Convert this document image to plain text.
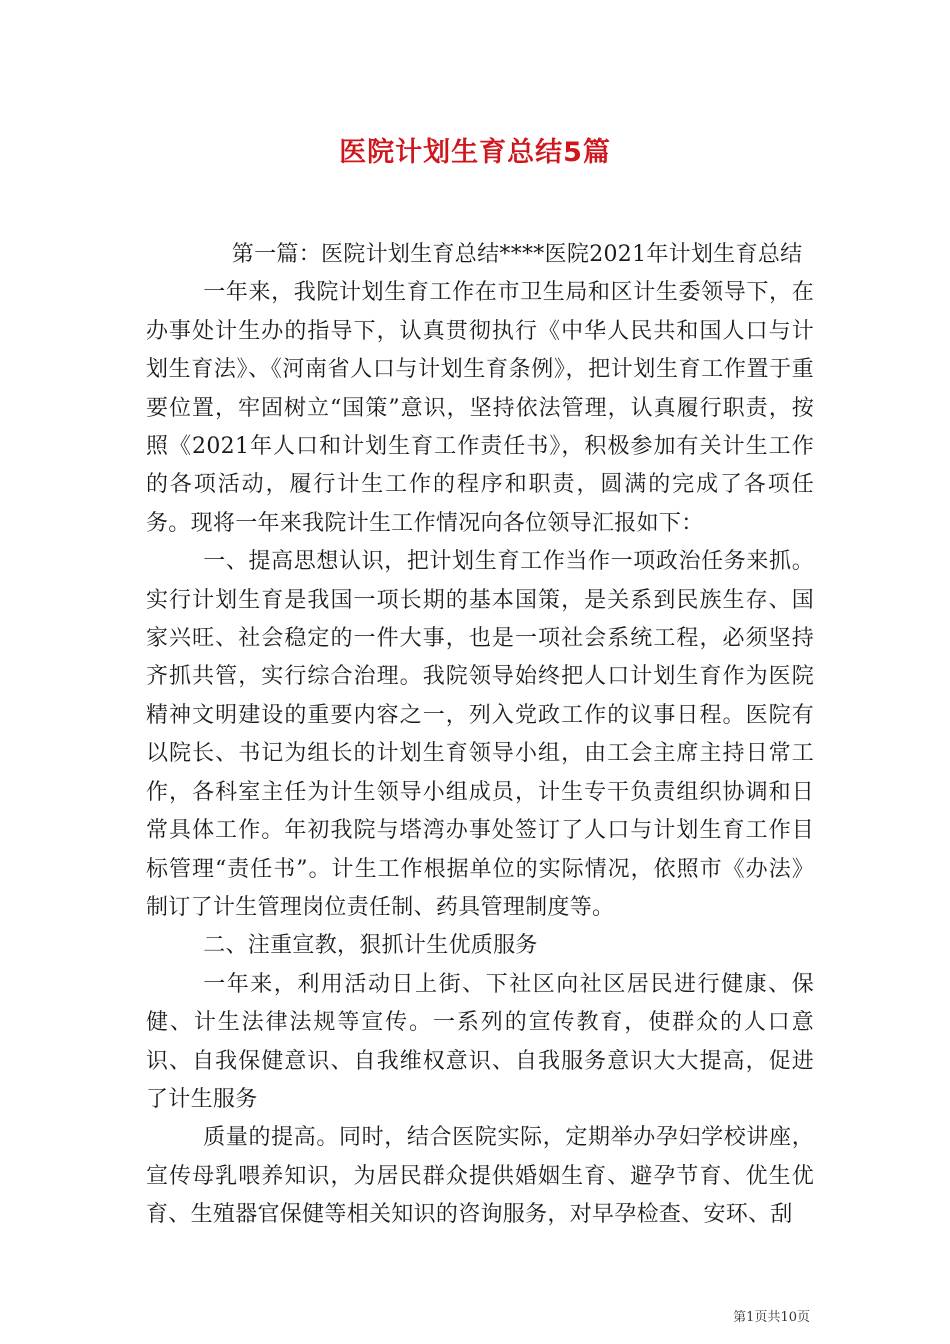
医院计划生育总结5篇

第一篇：医院计划生育总结****医院2021年计划生育总结

一年来，我院计划生育工作在市卫生局和区计生委领导下，在办事处计生办的指导下，认真贯彻执行《中华人民共和国人口与计划生育法》、《河南省人口与计划生育条例》，把计划生育工作置于重要位置，牢固树立“国策”意识，坚持依法管理，认真履行职责，按照《2021年人口和计划生育工作责任书》，积极参加有关计生工作的各项活动，履行计生工作的程序和职责，圆满的完成了各项任务。现将一年来我院计生工作情况向各位领导汇报如下：

一、提高思想认识，把计划生育工作当作一项政治任务来抓。实行计划生育是我国一项长期的基本国策，是关系到民族生存、国家兴旺、社会稳定的一件大事，也是一项社会系统工程，必须坚持齐抓共管，实行综合治理。我院领导始终把人口计划生育作为医院精神文明建设的重要内容之一，列入党政工作的议事日程。医院有以院长、书记为组长的计划生育领导小组，由工会主席主持日常工作，各科室主任为计生领导小组成员，计生专干负责组织协调和日常具体工作。年初我院与塔湾办事处签订了人口与计划生育工作目标管理“责任书”。计生工作根据单位的实际情况，依照市《办法》制订了计生管理岗位责任制、药具管理制度等。

二、注重宣教，狠抓计生优质服务

一年来，利用活动日上街、下社区向社区居民进行健康、保健、计生法律法规等宣传。一系列的宣传教育，使群众的人口意识、自我保健意识、自我维权意识、自我服务意识大大提高，促进了计生服务

质量的提高。同时，结合医院实际，定期举办孕妇学校讲座，宣传母乳喂养知识，为居民群众提供婚姻生育、避孕节育、优生优育、生殖器官保健等相关知识的咨询服务，对早孕检查、安环、刮

第1页共10页
